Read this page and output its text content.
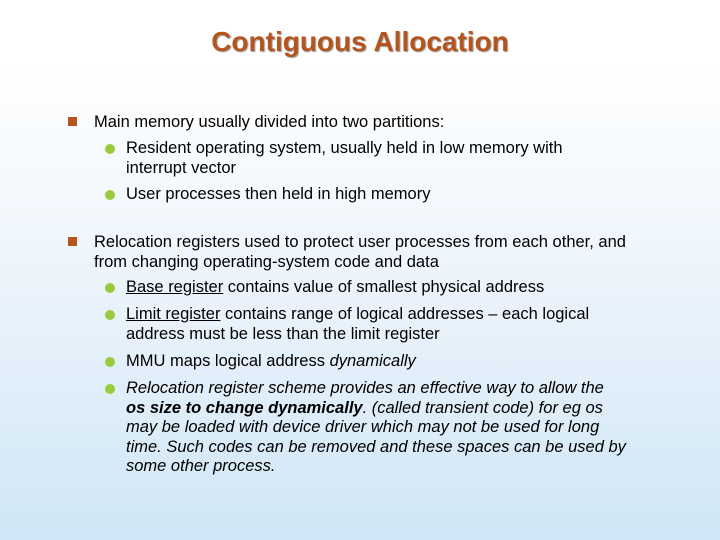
Contiguous Allocation
Main memory usually divided into two partitions:
Resident operating system, usually held in low memory with interrupt vector
User processes then held in high memory
Relocation registers used to protect user processes from each other, and from changing operating-system code and data
Base register contains value of smallest physical address
Limit register contains range of logical addresses – each logical address must be less than the limit register
MMU maps logical address dynamically
Relocation register scheme provides an effective way to allow the os size to change dynamically. (called transient code) for eg os may be loaded with device driver which may not be used for long time. Such codes can be removed and these spaces can be used by some other process.
